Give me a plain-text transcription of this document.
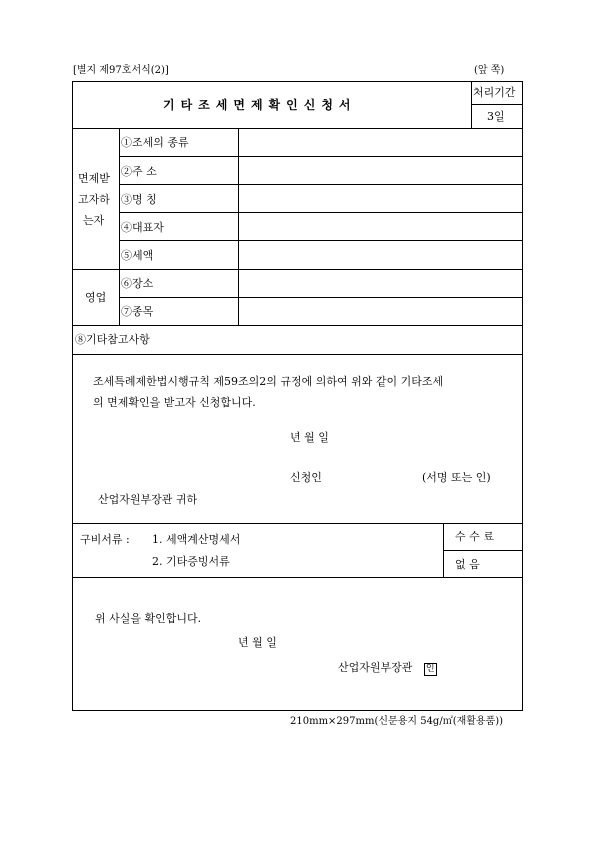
[별지 제97호서식(2)]	(앞 쪽)
기타조세면제확인신청서
처리기간
3일
면제받
고자하
는자
①조세의 종류
②주 소
③명 칭
④대표자
⑤세액
영업
⑥장소
⑦종목
⑧기타참고사항
조세특례제한법시행규칙 제59조의2의 규정에 의하여 위와 같이 기타조세
의 면제확인을 받고자 신청합니다.
년 월 일
신청인	(서명 또는 인)
산업자원부장관 귀하
구비서류 : 1. 세액계산명세서
2. 기타증빙서류
수 수 료
없 음
위 사실을 확인합니다.
년 월 일
산업자원부장관 인
210mm×297mm(신문용지 54g/㎡(재활용품))
